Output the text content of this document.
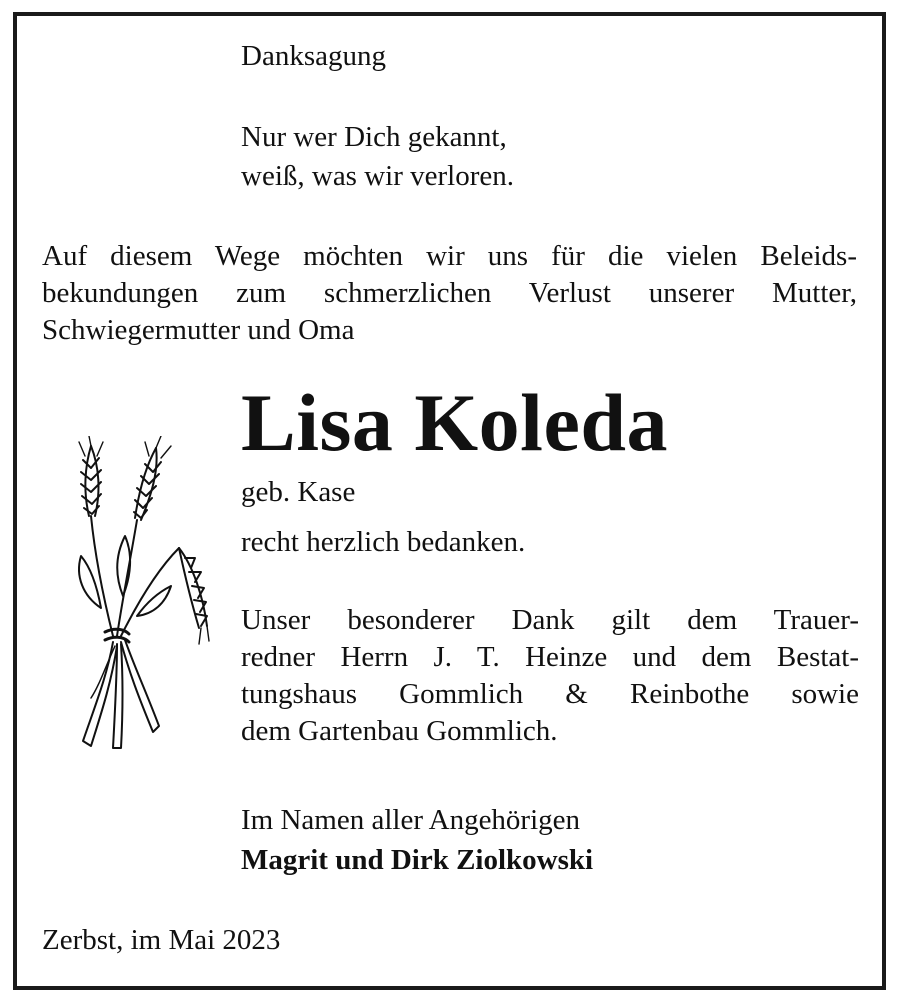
Danksagung

Nur wer Dich gekannt,

weiß, was wir verloren.

Auf diesem Wege möchten wir uns für die vielen Beleids-
bekundungen zum schmerzlichen Verlust unserer Mutter,
Schwiegermutter und Oma

Lisa Koleda

geb. Kase

recht herzlich bedanken.

Unser besonderer Dank gilt dem Trauer-
redner Herrn J. T. Heinze und dem Bestat-
tungshaus Gommlich & Reinbothe sowie
dem Gartenbau Gommlich.

Im Namen aller Angehörigen

Magrit und Dirk Ziolkowski

Zerbst, im Mai 2023
